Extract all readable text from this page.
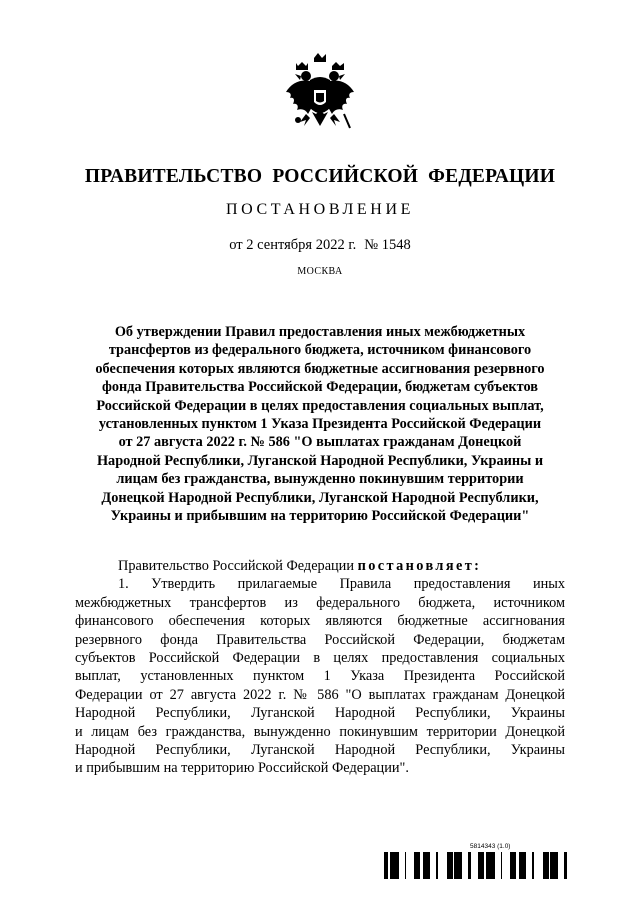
ПРАВИТЕЛЬСТВО РОССИЙСКОЙ ФЕДЕРАЦИИ
ПОСТАНОВЛЕНИЕ
от 2 сентября 2022 г. № 1548
МОСКВА
Об утверждении Правил предоставления иных межбюджетных
трансфертов из федерального бюджета, источником финансового
обеспечения которых являются бюджетные ассигнования резервного
фонда Правительства Российской Федерации, бюджетам субъектов
Российской Федерации в целях предоставления социальных выплат,
установленных пунктом 1 Указа Президента Российской Федерации
от 27 августа 2022 г. № 586 "О выплатах гражданам Донецкой
Народной Республики, Луганской Народной Республики, Украины и
лицам без гражданства, вынужденно покинувшим территории
Донецкой Народной Республики, Луганской Народной Республики,
Украины и прибывшим на территорию Российской Федерации"
Правительство Российской Федерации постановляет:
1. Утвердить прилагаемые Правила предоставления иных
межбюджетных трансфертов из федерального бюджета, источником
финансового обеспечения которых являются бюджетные ассигнования
резервного фонда Правительства Российской Федерации, бюджетам
субъектов Российской Федерации в целях предоставления социальных
выплат, установленных пунктом 1 Указа Президента Российской
Федерации от 27 августа 2022 г. № 586 "О выплатах гражданам Донецкой
Народной Республики, Луганской Народной Республики, Украины
и лицам без гражданства, вынужденно покинувшим территории Донецкой
Народной Республики, Луганской Народной Республики, Украины
и прибывшим на территорию Российской Федерации".
5814343 (1.0)
